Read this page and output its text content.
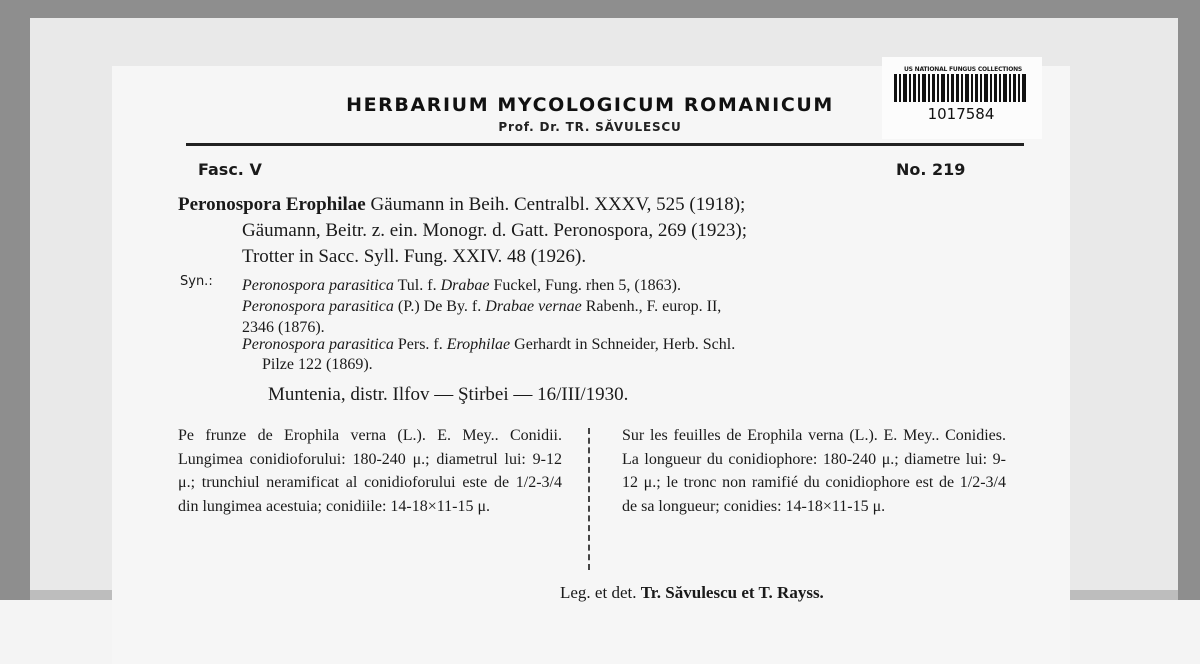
HERBARIUM MYCOLOGICUM ROMANICUM
Prof. Dr. TR. SĂVULESCU
US NATIONAL FUNGUS COLLECTIONS
1017584
Fasc. V	No. 219
Peronospora Erophilae Gäumann in Beih. Centralbl. XXXV, 525 (1918);
Gäumann, Beitr. z. ein. Monogr. d. Gatt. Peronospora, 269 (1923);
Trotter in Sacc. Syll. Fung. XXIV. 48 (1926).
Syn.: Peronospora parasitica Tul. f. Drabae Fuckel, Fung. rhen 5, (1863).
Peronospora parasitica (P.) De By. f. Drabae vernae Rabenh., F. europ. II,
2346 (1876).
Peronospora parasitica Pers. f. Erophilae Gerhardt in Schneider, Herb. Schl.
Pilze 122 (1869).
Muntenia, distr. Ilfov — Ştirbei — 16/III/1930.
Pe frunze de Erophila verna (L.). E. Mey.. Conidii. Lungimea conidioforului: 180-240 μ.; diametrul lui: 9-12 μ.; trunchiul neramificat al conidioforului este de 1/2-3/4 din lungimea acestuia; conidiile: 14-18×11-15 μ.
Sur les feuilles de Erophila verna (L.). E. Mey.. Conidies. La longueur du conidiophore: 180-240 μ.; diametre lui: 9-12 μ.; le tronc non ramifié du conidiophore est de 1/2-3/4 de sa longueur; conidies: 14-18×11-15 μ.
Leg. et det. Tr. Săvulescu et T. Rayss.
